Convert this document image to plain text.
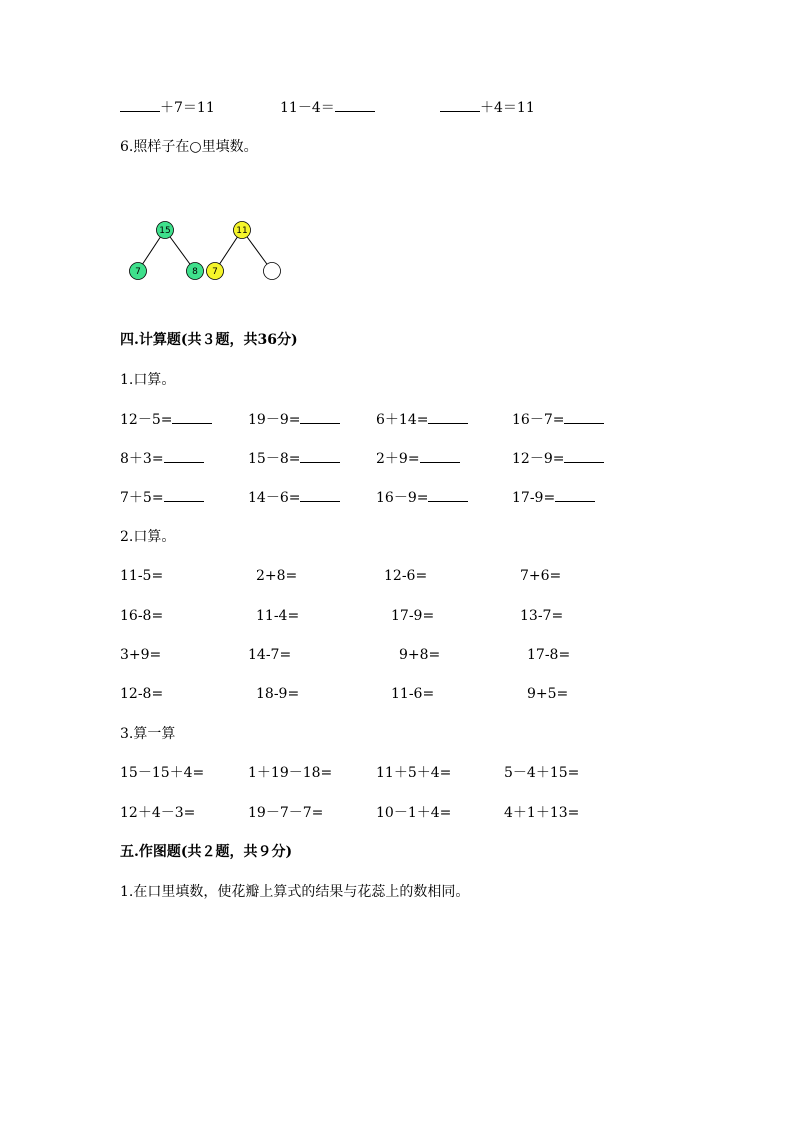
＋7＝11	11－4＝	＋4＝11
6.照样子在○里填数。
15
7	8
11
7
四.计算题(共３题，共36分)
1.口算。
12－5=	19－9=	6＋14=	16－7=
8＋3=	15－8=	2＋9=	12－9=
7＋5=	14－6=	16－9=	17-9=
2.口算。
11-5=	2+8=	12-6=	7+6=
16-8=	11-4=	17-9=	13-7=
3+9=	14-7=	9+8=	17-8=
12-8=	18-9=	11-6=	9+5=
3.算一算
15－15＋4=	1＋19－18=	11＋5＋4=	5－4＋15=
12＋4－3=	19－7－7=	10－1＋4=	4＋1＋13=
五.作图题(共２题，共９分)
1.在口里填数，使花瓣上算式的结果与花蕊上的数相同。
